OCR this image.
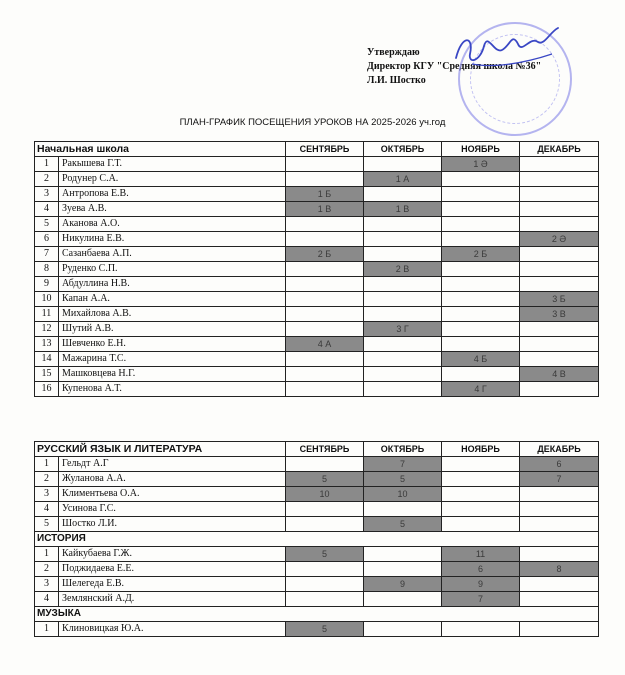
Утверждаю
Директор КГУ "Средняя школа №36"
Л.И. Шостко
ПЛАН-ГРАФИК ПОСЕЩЕНИЯ УРОКОВ НА 2025-2026 уч.год
Начальная школа		СЕНТЯБРЬ	ОКТЯБРЬ	НОЯБРЬ	ДЕКАБРЬ
1	Ракышева Г.Т.			1 Ә	
2	Родунер С.А.		1 А		
3	Антропова Е.В.	1 Б			
4	Зуева А.В.	1 В	1 В		
5	Аканова А.О.				
6	Никулина Е.В.				2 Ә
7	Сазанбаева А.П.	2 Б		2 Б	
8	Руденко С.П.		2 В		
9	Абдуллина Н.В.				
10	Капан А.А.				3 Б
11	Михайлова А.В.				3 В
12	Шутий А.В.		3 Г		
13	Шевченко Е.Н.	4 А			
14	Мажарина Т.С.			4 Б	
15	Машковцева Н.Г.				4 В
16	Купенова А.Т.			4 Г	
РУССКИЙ ЯЗЫК И ЛИТЕРАТУРА		СЕНТЯБРЬ	ОКТЯБРЬ	НОЯБРЬ	ДЕКАБРЬ
1	Гельдт А.Г		7		6
2	Жуланова А.А.	5	5		7
3	Климентьева О.А.	10	10		
4	Усинова Г.С.				
5	Шостко Л.И.		5		
ИСТОРИЯ					
1	Кайкубаева Г.Ж.	5		11	
2	Поджидаева Е.Е.			6	8
3	Шелегеда Е.В.		9	9	
4	Землянский А.Д.			7	
МУЗЫКА					
1	Клиновицкая Ю.А.	5			
